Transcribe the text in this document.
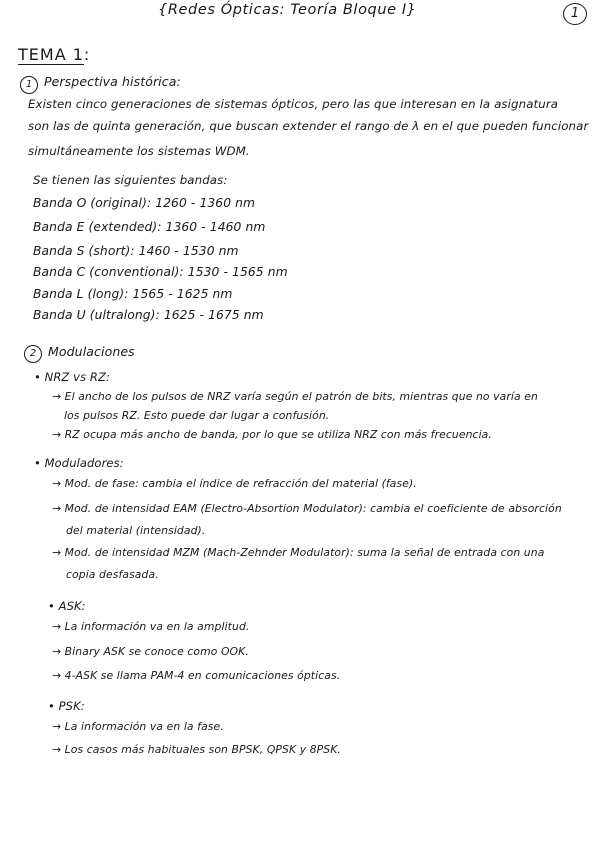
{Redes Ópticas: Teoría Bloque I}	1
TEMA 1:
1 Perspectiva histórica:
Existen cinco generaciones de sistemas ópticos, pero las que interesan en la asignatura
son las de quinta generación, que buscan extender el rango de λ en el que pueden funcionar
simultáneamente los sistemas WDM.
Se tienen las siguientes bandas:
Banda O (original): 1260 - 1360 nm
Banda E (extended): 1360 - 1460 nm
Banda S (short): 1460 - 1530 nm
Banda C (conventional): 1530 - 1565 nm
Banda L (long): 1565 - 1625 nm
Banda U (ultralong): 1625 - 1675 nm
2 Modulaciones
• NRZ vs RZ:
→ El ancho de los pulsos de NRZ varía según el patrón de bits, mientras que no varía en
los pulsos RZ. Esto puede dar lugar a confusión.
→ RZ ocupa más ancho de banda, por lo que se utiliza NRZ con más frecuencia.
• Moduladores:
→ Mod. de fase: cambia el índice de refracción del material (fase).
→ Mod. de intensidad EAM (Electro-Absortion Modulator): cambia el coeficiente de absorción
del material (intensidad).
→ Mod. de intensidad MZM (Mach-Zehnder Modulator): suma la señal de entrada con una
copia desfasada.
• ASK:
→ La información va en la amplitud.
→ Binary ASK se conoce como OOK.
→ 4-ASK se llama PAM-4 en comunicaciones ópticas.
• PSK:
→ La información va en la fase.
→ Los casos más habituales son BPSK, QPSK y 8PSK.
